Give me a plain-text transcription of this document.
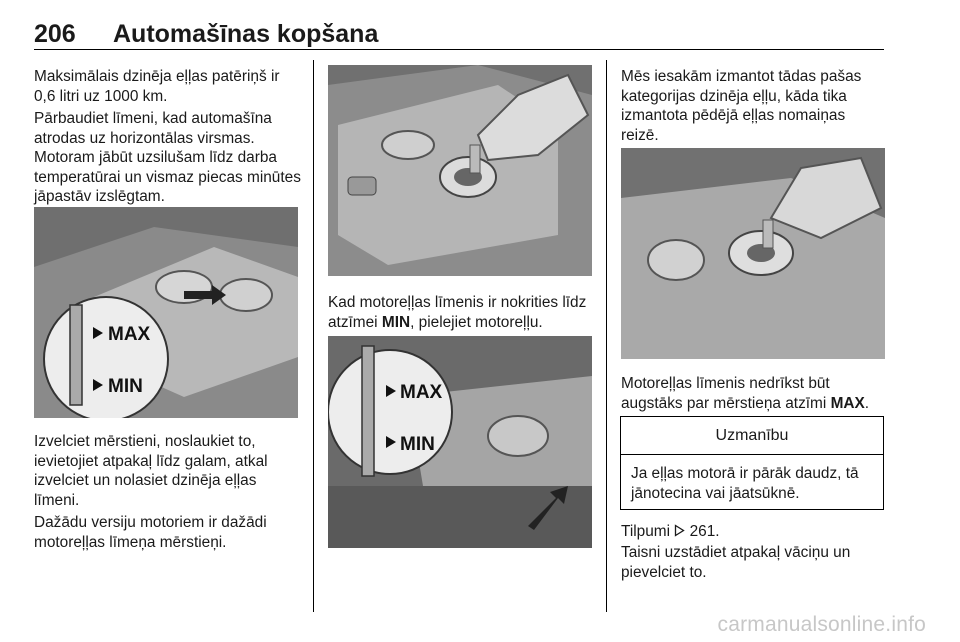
206 Automašīnas kopšana

Maksimālais dzinēja eļļas patēriņš ir 0,6 litri uz 1000 km.

Pārbaudiet līmeni, kad automašīna atrodas uz horizontālas virsmas. Motoram jābūt uzsilušam līdz darba temperatūrai un vismaz piecas minūtes jāpastāv izslēgtam.

MAX
MIN

Izvelciet mērstieni, noslaukiet to, ievietojiet atpakaļ līdz galam, atkal izvelciet un nolasiet dzinēja eļļas līmeni.

Dažādu versiju motoriem ir dažādi motoreļļas līmeņa mērstieņi.

Kad motoreļļas līmenis ir nokrities līdz atzīmei MIN, pielejiet motoreļļu.

MAX
MIN

Mēs iesakām izmantot tādas pašas kategorijas dzinēja eļļu, kāda tika izmantota pēdējā eļļas nomaiņas reizē.

Motoreļļas līmenis nedrīkst būt augstāks par mērstieņa atzīmi MAX.

Uzmanību
Ja eļļas motorā ir pārāk daudz, tā jānotecina vai jāatsūknē.

Tilpumi  261.

Taisni uzstādiet atpakaļ vāciņu un pievelciet to.

carmanualsonline.info
